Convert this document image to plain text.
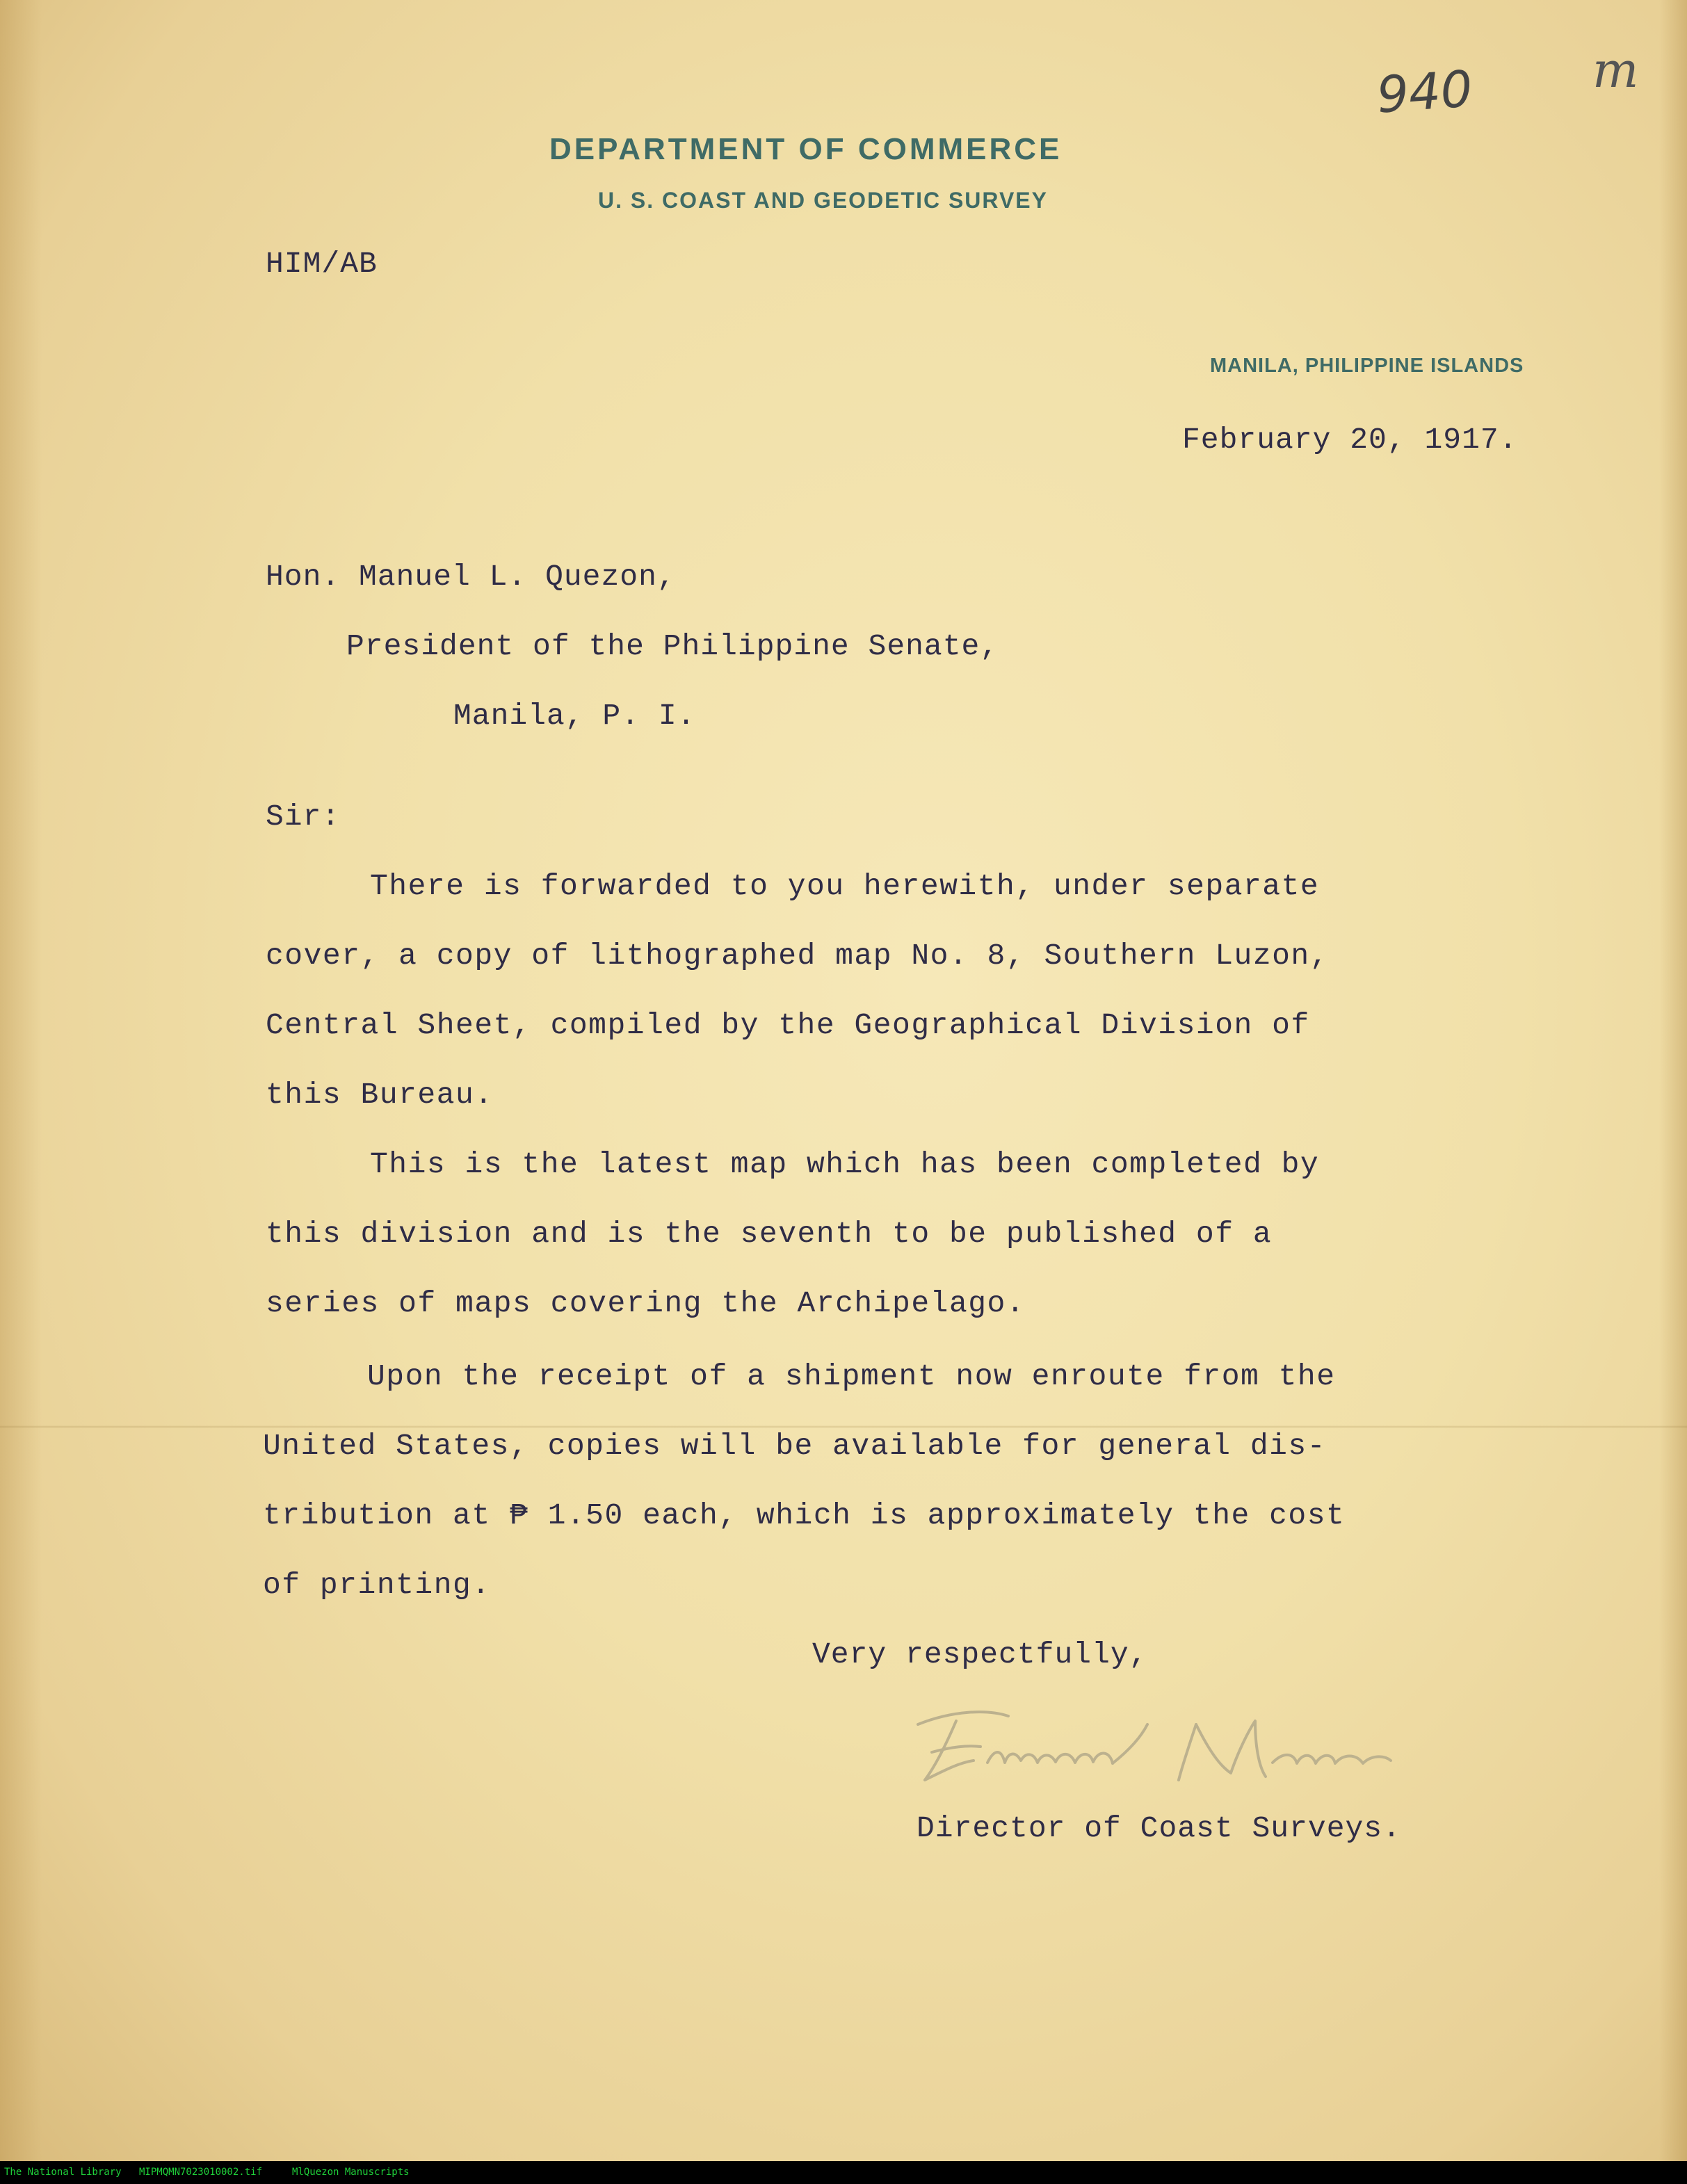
940 m
DEPARTMENT OF COMMERCE
U. S. COAST AND GEODETIC SURVEY
MANILA, PHILIPPINE ISLANDS
HIM/AB
February 20, 1917.
Hon. Manuel L. Quezon,
President of the Philippine Senate,
Manila, P. I.
Sir:
There is forwarded to you herewith, under separate
cover, a copy of lithographed map No. 8, Southern Luzon,
Central Sheet, compiled by the Geographical Division of
this Bureau.
This is the latest map which has been completed by
this division and is the seventh to be published of a
series of maps covering the Archipelago.
Upon the receipt of a shipment now enroute from the
United States, copies will be available for general dis-
tribution at ₱ 1.50 each, which is approximately the cost
of printing.
Very respectfully,
Director of Coast Surveys.
The National Library MIPMQMN7023010002.tif	MlQuezon Manuscripts
